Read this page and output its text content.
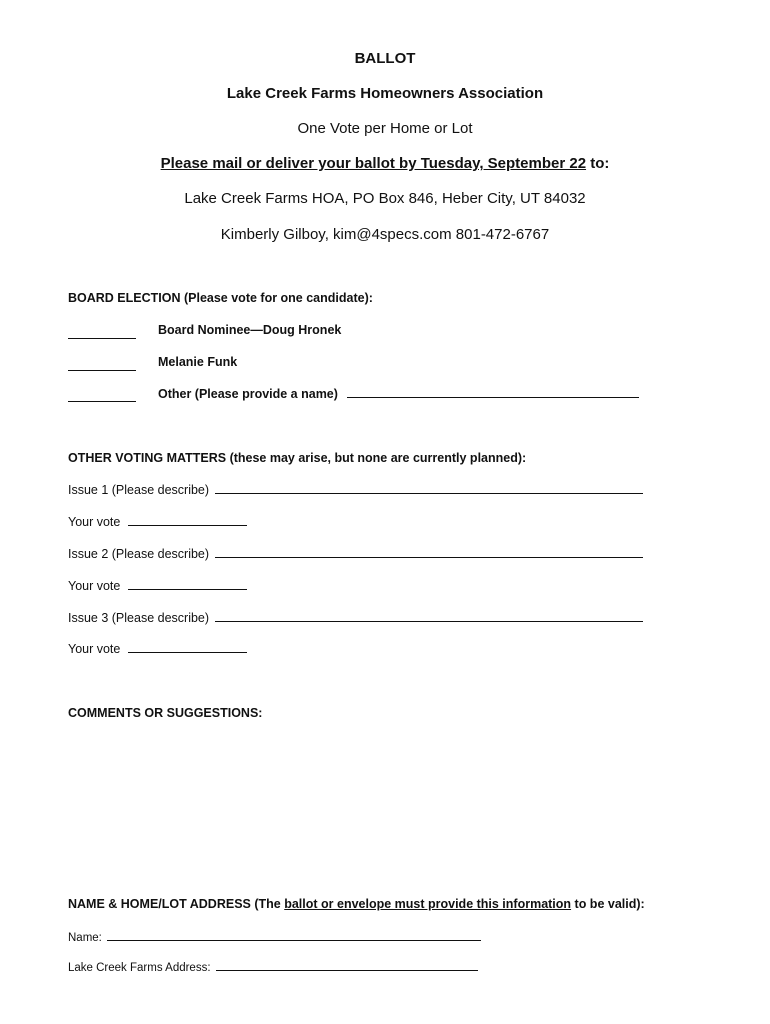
BALLOT
Lake Creek Farms Homeowners Association
One Vote per Home or Lot
Please mail or deliver your ballot by Tuesday, September 22 to:
Lake Creek Farms HOA, PO Box 846, Heber City, UT 84032
Kimberly Gilboy, kim@4specs.com 801-472-6767
BOARD ELECTION (Please vote for one candidate):
Board Nominee—Doug Hronek
Melanie Funk
Other (Please provide a name)
OTHER VOTING MATTERS (these may arise, but none are currently planned):
Issue 1 (Please describe)
Your vote
Issue 2 (Please describe)
Your vote
Issue 3 (Please describe)
Your vote
COMMENTS OR SUGGESTIONS:
NAME & HOME/LOT ADDRESS (The ballot or envelope must provide this information to be valid):
Name:
Lake Creek Farms Address:
